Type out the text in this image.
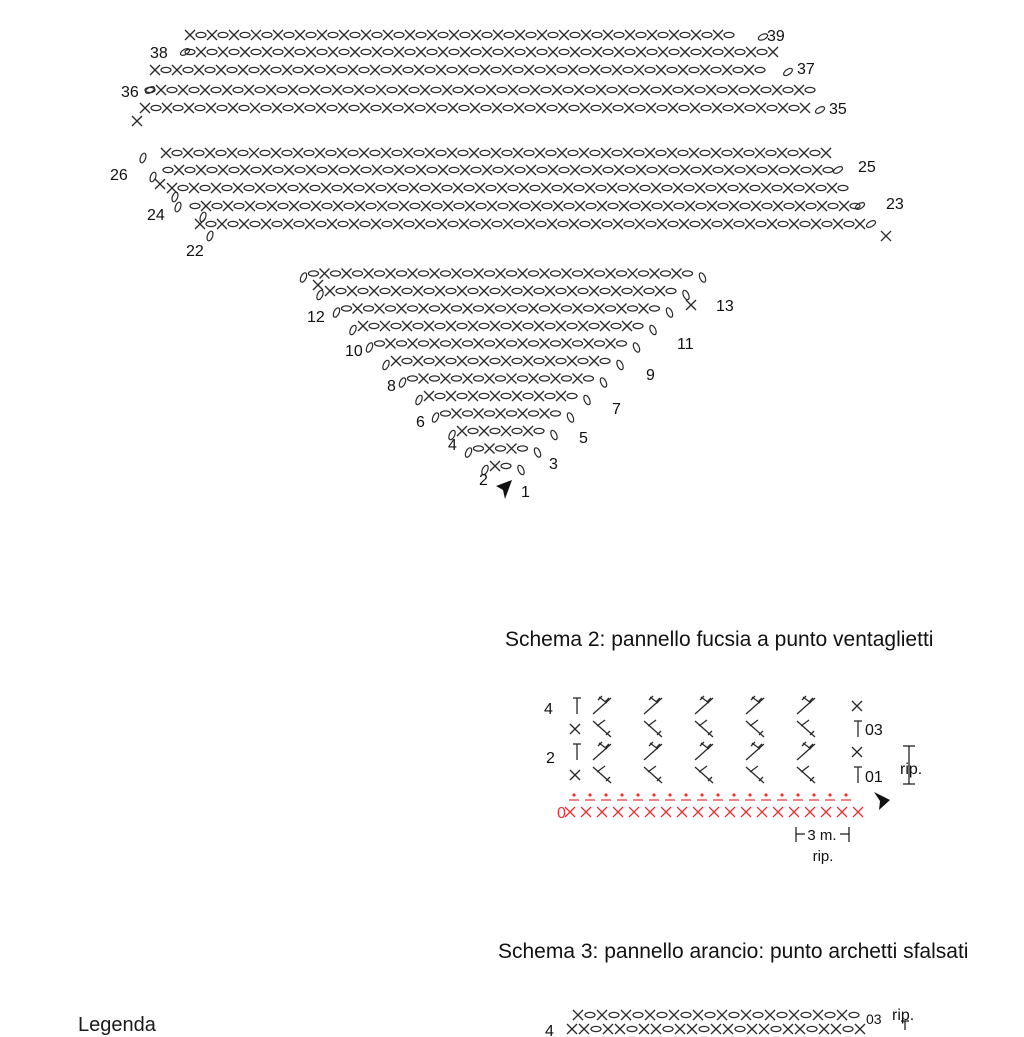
4
03
2
01
0
rip.
3 m.
rip.
4
03 rip.
39
38
37
36
35
26	25
24
23
22
13
12
11
10
9
8
7
6
5
4
3
2
1
Schema 2: pannello fucsia a punto ventaglietti
Schema 3: pannello arancio: punto archetti sfalsati
Legenda
